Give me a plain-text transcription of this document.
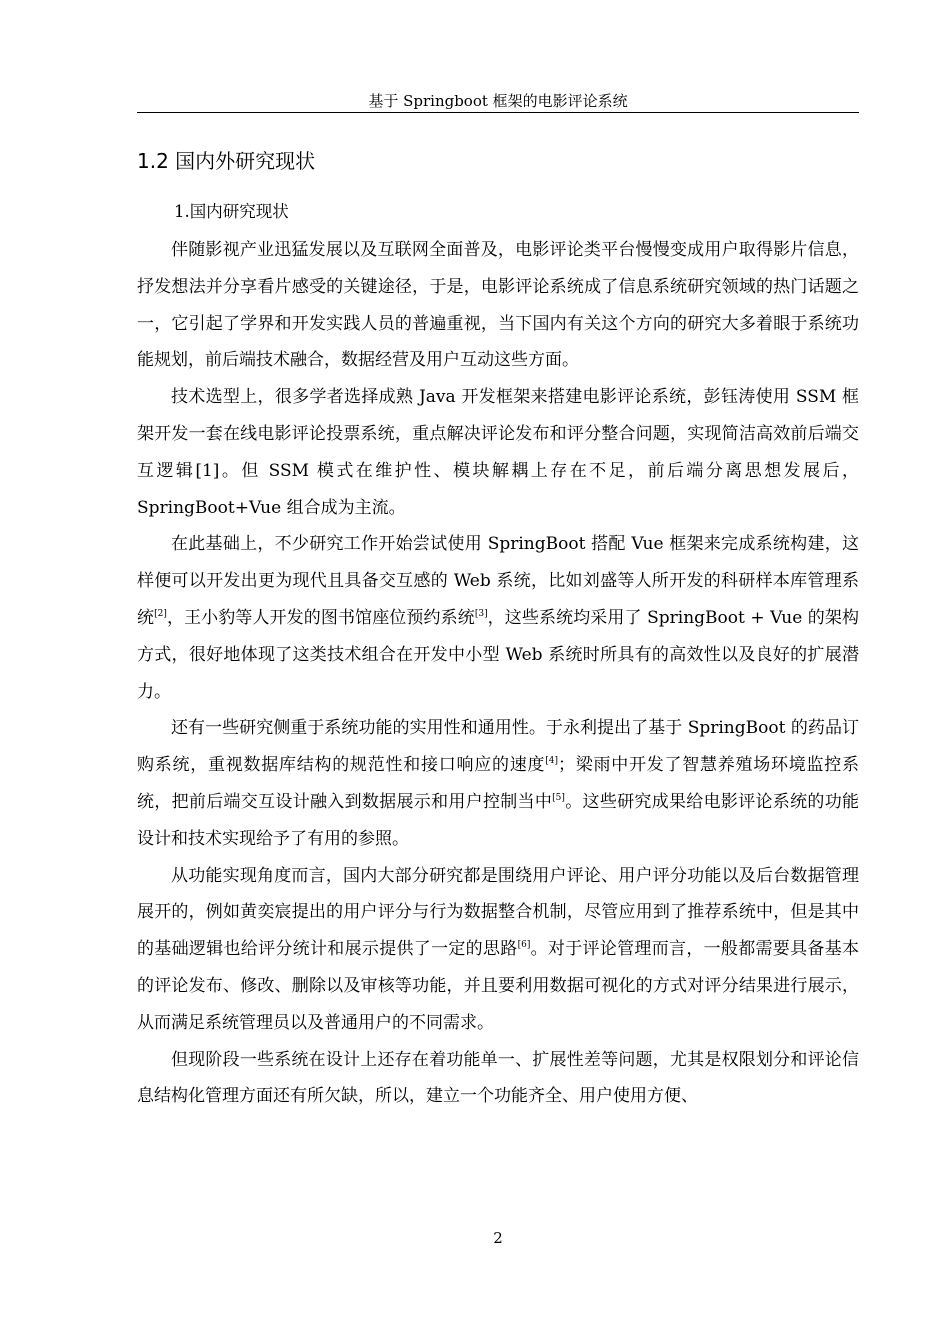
基于 Springboot 框架的电影评论系统
1.2 国内外研究现状
1.国内研究现状

伴随影视产业迅猛发展以及互联网全面普及，电影评论类平台慢慢变成用户取得影片信息，抒发想法并分享看片感受的关键途径，于是，电影评论系统成了信息系统研究领域的热门话题之一，它引起了学界和开发实践人员的普遍重视，当下国内有关这个方向的研究大多着眼于系统功能规划，前后端技术融合，数据经营及用户互动这些方面。

技术选型上，很多学者选择成熟 Java 开发框架来搭建电影评论系统，彭钰涛使用 SSM 框架开发一套在线电影评论投票系统，重点解决评论发布和评分整合问题，实现简洁高效前后端交互逻辑[1]。但 SSM 模式在维护性、模块解耦上存在不足，前后端分离思想发展后，SpringBoot+Vue 组合成为主流。

在此基础上，不少研究工作开始尝试使用 SpringBoot 搭配 Vue 框架来完成系统构建，这样便可以开发出更为现代且具备交互感的 Web 系统，比如刘盛等人所开发的科研样本库管理系统[2]，王小豹等人开发的图书馆座位预约系统[3]，这些系统均采用了 SpringBoot + Vue 的架构方式，很好地体现了这类技术组合在开发中小型 Web 系统时所具有的高效性以及良好的扩展潜力。

还有一些研究侧重于系统功能的实用性和通用性。于永利提出了基于 SpringBoot 的药品订购系统，重视数据库结构的规范性和接口响应的速度[4]；梁雨中开发了智慧养殖场环境监控系统，把前后端交互设计融入到数据展示和用户控制当中[5]。这些研究成果给电影评论系统的功能设计和技术实现给予了有用的参照。

从功能实现角度而言，国内大部分研究都是围绕用户评论、用户评分功能以及后台数据管理展开的，例如黄奕宸提出的用户评分与行为数据整合机制，尽管应用到了推荐系统中，但是其中的基础逻辑也给评分统计和展示提供了一定的思路[6]。对于评论管理而言，一般都需要具备基本的评论发布、修改、删除以及审核等功能，并且要利用数据可视化的方式对评分结果进行展示，从而满足系统管理员以及普通用户的不同需求。

但现阶段一些系统在设计上还存在着功能单一、扩展性差等问题，尤其是权限划分和评论信息结构化管理方面还有所欠缺，所以，建立一个功能齐全、用户使用方便、

2
